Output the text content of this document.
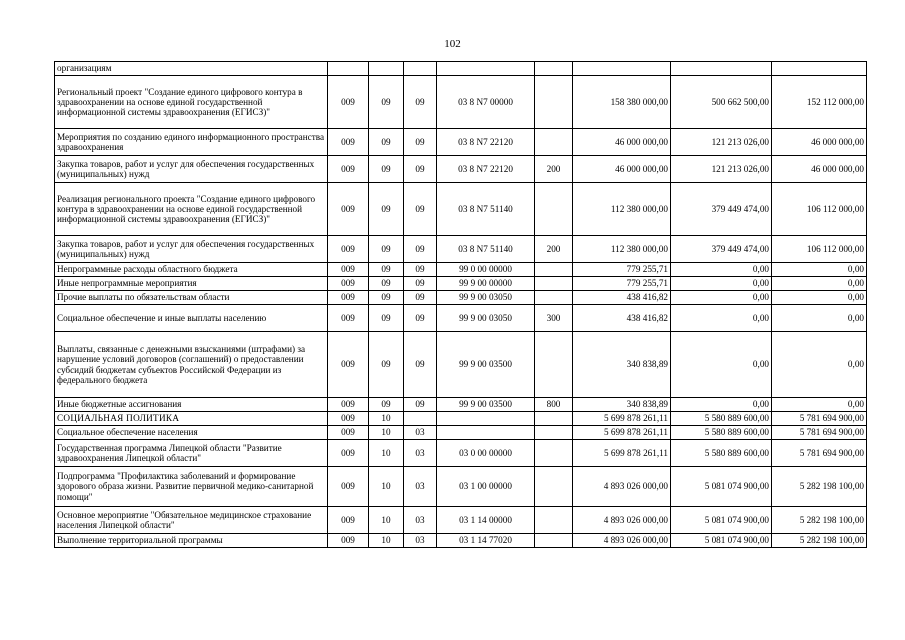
102
организациям								
Региональный проект "Создание единого цифрового контура в здравоохранении на основе единой государственной информационной системы здравоохранения (ЕГИСЗ)"	009	09	09	03 8 N7 00000		158 380 000,00	500 662 500,00	152 112 000,00
Мероприятия по созданию единого информационного пространства здравоохранения	009	09	09	03 8 N7 22120		46 000 000,00	121 213 026,00	46 000 000,00
Закупка товаров, работ и услуг для обеспечения государственных (муниципальных) нужд	009	09	09	03 8 N7 22120	200	46 000 000,00	121 213 026,00	46 000 000,00
Реализация регионального проекта "Создание единого цифрового контура в здравоохранении на основе единой государственной информационной системы здравоохранения (ЕГИСЗ)"	009	09	09	03 8 N7 51140		112 380 000,00	379 449 474,00	106 112 000,00
Закупка товаров, работ и услуг для обеспечения государственных (муниципальных) нужд	009	09	09	03 8 N7 51140	200	112 380 000,00	379 449 474,00	106 112 000,00
Непрограммные расходы областного бюджета	009	09	09	99 0 00 00000		779 255,71	0,00	0,00
Иные непрограммные мероприятия	009	09	09	99 9 00 00000		779 255,71	0,00	0,00
Прочие выплаты по обязательствам области	009	09	09	99 9 00 03050		438 416,82	0,00	0,00
Социальное обеспечение и иные выплаты населению	009	09	09	99 9 00 03050	300	438 416,82	0,00	0,00
Выплаты, связанные с денежными взысканиями (штрафами) за нарушение условий договоров (соглашений) о предоставлении субсидий бюджетам субъектов Российской Федерации из федерального бюджета	009	09	09	99 9 00 03500		340 838,89	0,00	0,00
Иные бюджетные ассигнования	009	09	09	99 9 00 03500	800	340 838,89	0,00	0,00
СОЦИАЛЬНАЯ ПОЛИТИКА	009	10				5 699 878 261,11	5 580 889 600,00	5 781 694 900,00
Социальное обеспечение населения	009	10	03			5 699 878 261,11	5 580 889 600,00	5 781 694 900,00
Государственная программа Липецкой области "Развитие здравоохранения Липецкой области"	009	10	03	03 0 00 00000		5 699 878 261,11	5 580 889 600,00	5 781 694 900,00
Подпрограмма "Профилактика заболеваний и формирование здорового образа жизни. Развитие первичной медико-санитарной помощи"	009	10	03	03 1 00 00000		4 893 026 000,00	5 081 074 900,00	5 282 198 100,00
Основное мероприятие "Обязательное медицинское страхование населения Липецкой области"	009	10	03	03 1 14 00000		4 893 026 000,00	5 081 074 900,00	5 282 198 100,00
Выполнение территориальной программы	009	10	03	03 1 14 77020		4 893 026 000,00	5 081 074 900,00	5 282 198 100,00
